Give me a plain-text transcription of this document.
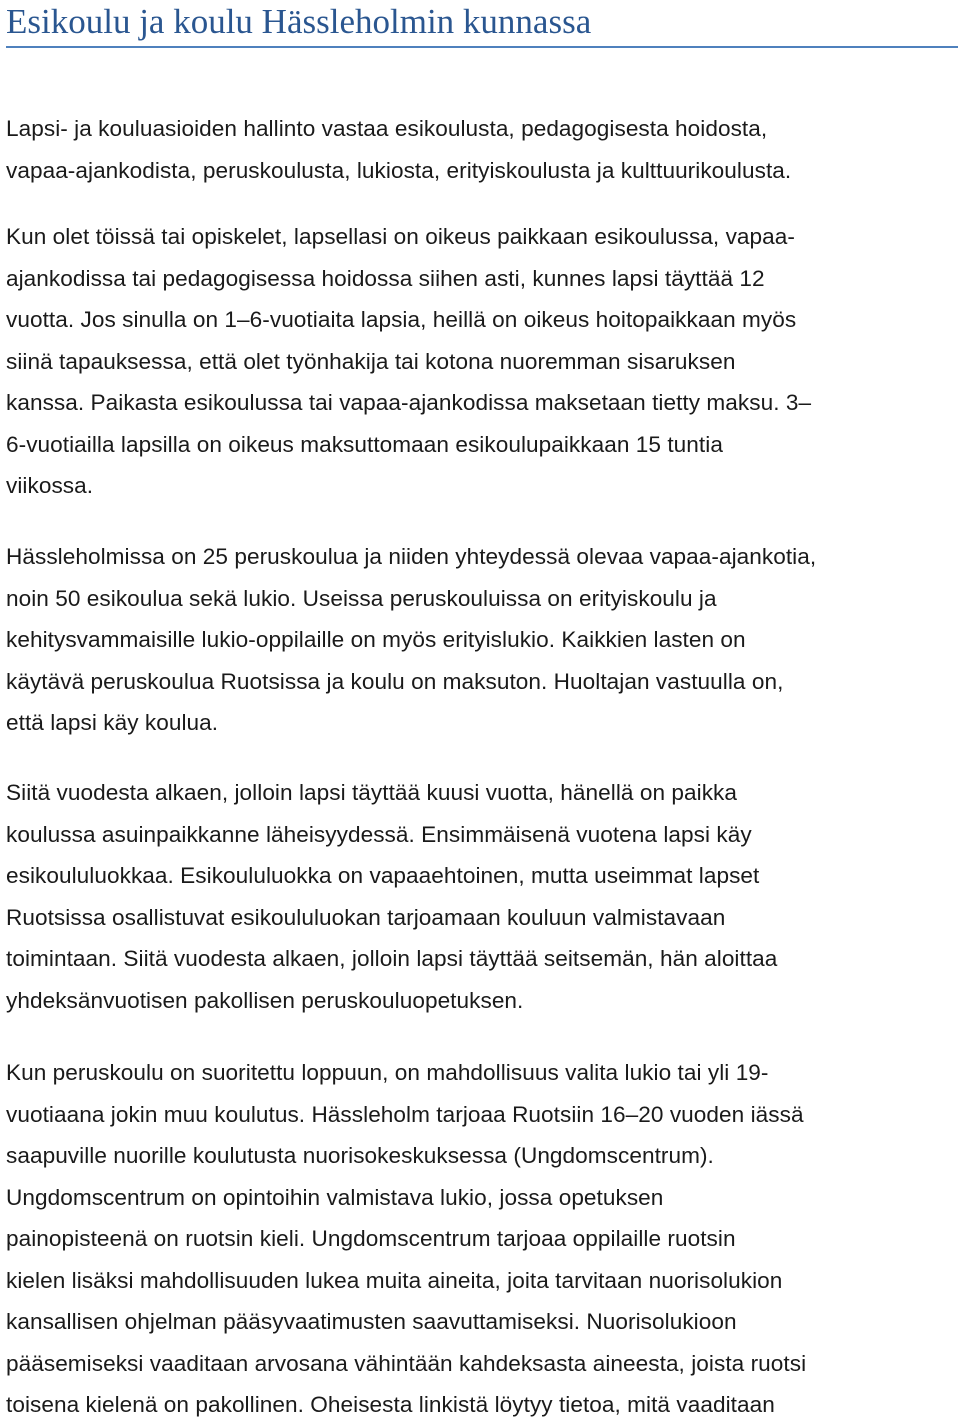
Esikoulu ja koulu Hässleholmin kunnassa

Lapsi- ja kouluasioiden hallinto vastaa esikoulusta, pedagogisesta hoidosta,
vapaa-ajankodista, peruskoulusta, lukiosta, erityiskoulusta ja kulttuurikoulusta.

Kun olet töissä tai opiskelet, lapsellasi on oikeus paikkaan esikoulussa, vapaa-
ajankodissa tai pedagogisessa hoidossa siihen asti, kunnes lapsi täyttää 12
vuotta. Jos sinulla on 1–6-vuotiaita lapsia, heillä on oikeus hoitopaikkaan myös
siinä tapauksessa, että olet työnhakija tai kotona nuoremman sisaruksen
kanssa. Paikasta esikoulussa tai vapaa-ajankodissa maksetaan tietty maksu. 3–
6-vuotiailla lapsilla on oikeus maksuttomaan esikoulupaikkaan 15 tuntia
viikossa.

Hässleholmissa on 25 peruskoulua ja niiden yhteydessä olevaa vapaa-ajankotia,
noin 50 esikoulua sekä lukio. Useissa peruskouluissa on erityiskoulu ja
kehitysvammaisille lukio-oppilaille on myös erityislukio. Kaikkien lasten on
käytävä peruskoulua Ruotsissa ja koulu on maksuton. Huoltajan vastuulla on,
että lapsi käy koulua.

Siitä vuodesta alkaen, jolloin lapsi täyttää kuusi vuotta, hänellä on paikka
koulussa asuinpaikkanne läheisyydessä. Ensimmäisenä vuotena lapsi käy
esikoululuokkaa. Esikoululuokka on vapaaehtoinen, mutta useimmat lapset
Ruotsissa osallistuvat esikoululuokan tarjoamaan kouluun valmistavaan
toimintaan. Siitä vuodesta alkaen, jolloin lapsi täyttää seitsemän, hän aloittaa
yhdeksänvuotisen pakollisen peruskouluopetuksen.

Kun peruskoulu on suoritettu loppuun, on mahdollisuus valita lukio tai yli 19-
vuotiaana jokin muu koulutus. Hässleholm tarjoaa Ruotsiin 16–20 vuoden iässä
saapuville nuorille koulutusta nuorisokeskuksessa (Ungdomscentrum).
Ungdomscentrum on opintoihin valmistava lukio, jossa opetuksen
painopisteenä on ruotsin kieli. Ungdomscentrum tarjoaa oppilaille ruotsin
kielen lisäksi mahdollisuuden lukea muita aineita, joita tarvitaan nuorisolukion
kansallisen ohjelman pääsyvaatimusten saavuttamiseksi. Nuorisolukioon
pääsemiseksi vaaditaan arvosana vähintään kahdeksasta aineesta, joista ruotsi
toisena kielenä on pakollinen. Oheisesta linkistä löytyy tietoa, mitä vaaditaan
